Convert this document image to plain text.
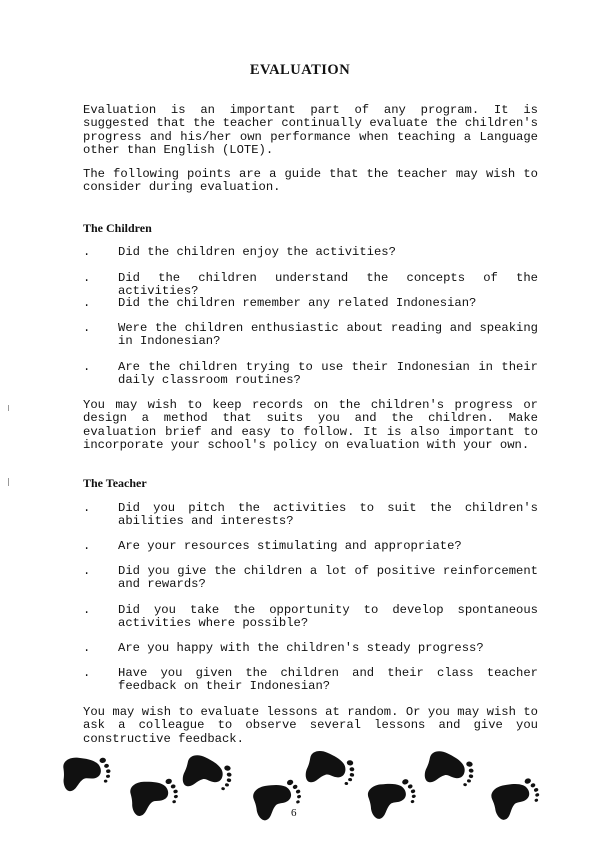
EVALUATION

Evaluation is an important part of any program. It is suggested that the teacher continually evaluate the children's progress and his/her own performance when teaching a Language other than English (LOTE).

The following points are a guide that the teacher may wish to consider during evaluation.

The Children
. Did the children enjoy the activities?
. Did the children understand the concepts of the activities?
. Did the children remember any related Indonesian?
. Were the children enthusiastic about reading and speaking in Indonesian?
. Are the children trying to use their Indonesian in their daily classroom routines?

You may wish to keep records on the children's progress or design a method that suits you and the children. Make evaluation brief and easy to follow. It is also important to incorporate your school's policy on evaluation with your own.

The Teacher
. Did you pitch the activities to suit the children's abilities and interests?
. Are your resources stimulating and appropriate?
. Did you give the children a lot of positive reinforcement and rewards?
. Did you take the opportunity to develop spontaneous activities where possible?
. Are you happy with the children's steady progress?
. Have you given the children and their class teacher feedback on their Indonesian?

You may wish to evaluate lessons at random. Or you may wish to ask a colleague to observe several lessons and give you constructive feedback.

6
